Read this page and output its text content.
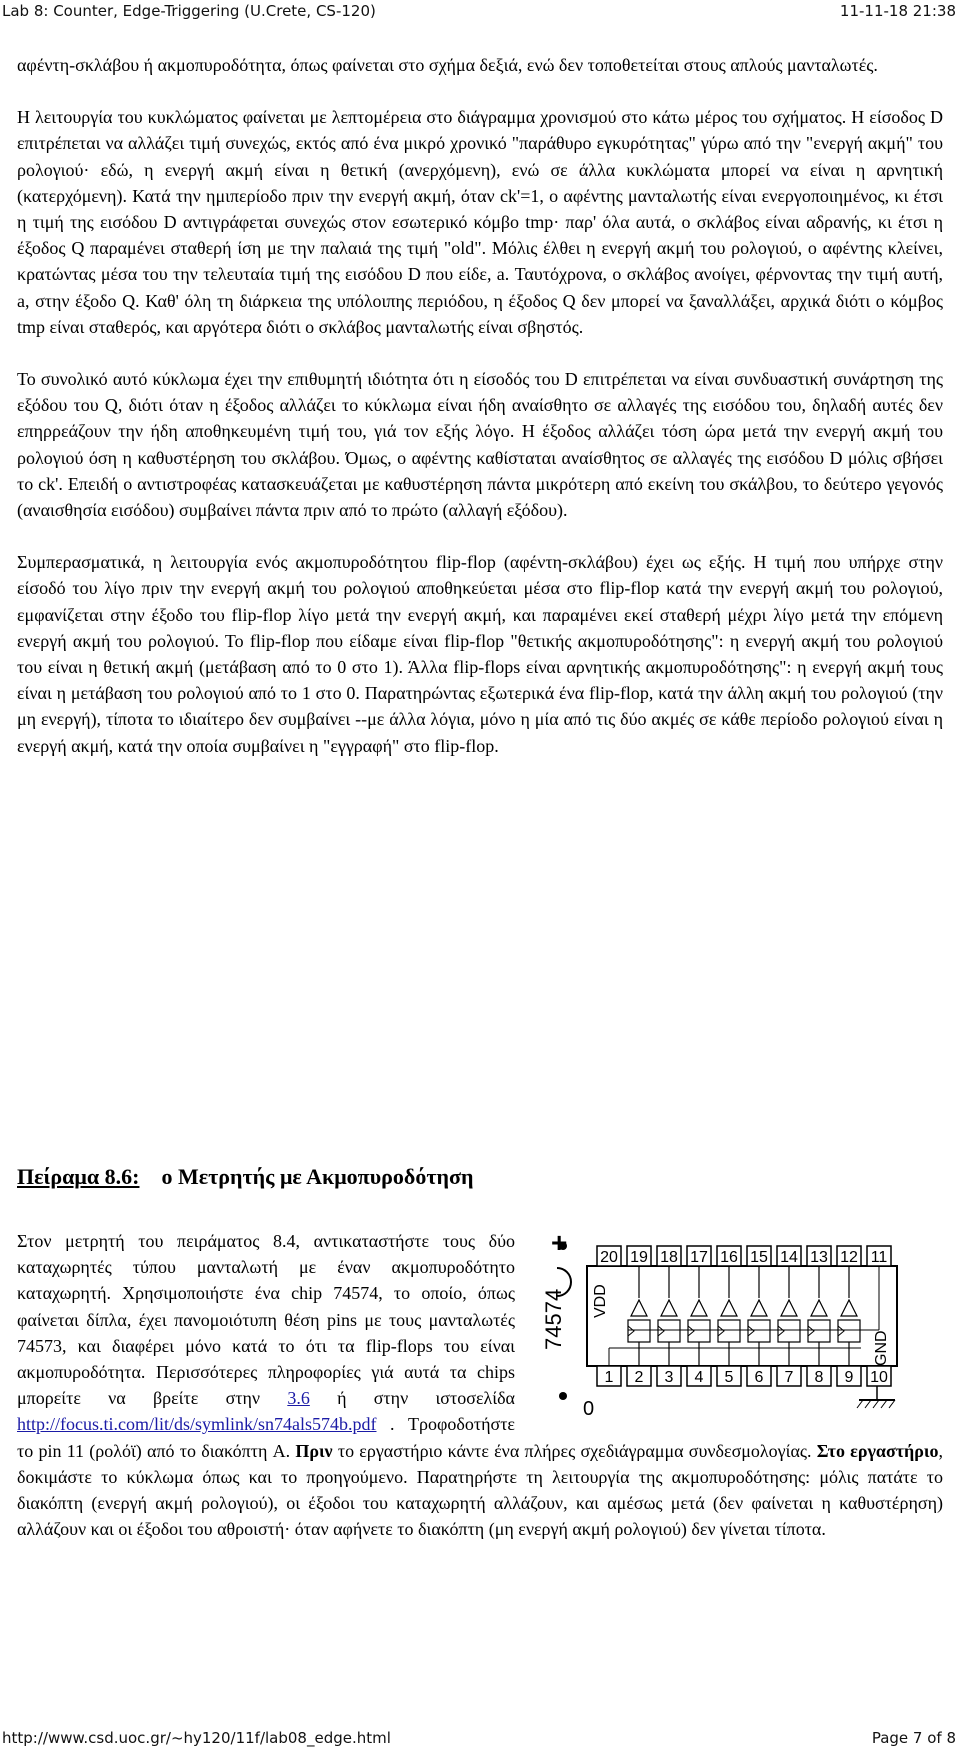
Lab 8: Counter, Edge-Triggering (U.Crete, CS-120)	11-11-18 21:38

αφέντη-σκλάβου ή ακμοπυροδότητα, όπως φαίνεται στο σχήμα δεξιά, ενώ δεν τοποθετείται στους απλούς μανταλωτές.

Η λειτουργία του κυκλώματος φαίνεται με λεπτομέρεια στο διάγραμμα χρονισμού στο κάτω μέρος του σχήματος. Η είσοδος D επιτρέπεται να αλλάζει τιμή συνεχώς, εκτός από ένα μικρό χρονικό "παράθυρο εγκυρότητας" γύρω από την "ενεργή ακμή" του ρολογιού· εδώ, η ενεργή ακμή είναι η θετική (ανερχόμενη), ενώ σε άλλα κυκλώματα μπορεί να είναι η αρνητική (κατερχόμενη). Κατά την ημιπερίοδο πριν την ενεργή ακμή, όταν ck'=1, ο αφέντης μανταλωτής είναι ενεργοποιημένος, κι έτσι η τιμή της εισόδου D αντιγράφεται συνεχώς στον εσωτερικό κόμβο tmp· παρ' όλα αυτά, ο σκλάβος είναι αδρανής, κι έτσι η έξοδος Q παραμένει σταθερή ίση με την παλαιά της τιμή "old". Μόλις έλθει η ενεργή ακμή του ρολογιού, ο αφέντης κλείνει, κρατώντας μέσα του την τελευταία τιμή της εισόδου D που είδε, a. Ταυτόχρονα, ο σκλάβος ανοίγει, φέρνοντας την τιμή αυτή, a, στην έξοδο Q. Καθ' όλη τη διάρκεια της υπόλοιπης περιόδου, η έξοδος Q δεν μπορεί να ξαναλλάξει, αρχικά διότι ο κόμβος tmp είναι σταθερός, και αργότερα διότι ο σκλάβος μανταλωτής είναι σβηστός.

Το συνολικό αυτό κύκλωμα έχει την επιθυμητή ιδιότητα ότι η είσοδός του D επιτρέπεται να είναι συνδυαστική συνάρτηση της εξόδου του Q, διότι όταν η έξοδος αλλάζει το κύκλωμα είναι ήδη αναίσθητο σε αλλαγές της εισόδου του, δηλαδή αυτές δεν επηρρεάζουν την ήδη αποθηκευμένη τιμή του, γιά τον εξής λόγο. Η έξοδος αλλάζει τόση ώρα μετά την ενεργή ακμή του ρολογιού όση η καθυστέρηση του σκλάβου. Όμως, ο αφέντης καθίσταται αναίσθητος σε αλλαγές της εισόδου D μόλις σβήσει το ck'. Επειδή ο αντιστροφέας κατασκευάζεται με καθυστέρηση πάντα μικρότερη από εκείνη του σκάλβου, το δεύτερο γεγονός (αναισθησία εισόδου) συμβαίνει πάντα πριν από το πρώτο (αλλαγή εξόδου).

Συμπερασματικά, η λειτουργία ενός ακμοπυροδότητου flip-flop (αφέντη-σκλάβου) έχει ως εξής. Η τιμή που υπήρχε στην είσοδό του λίγο πριν την ενεργή ακμή του ρολογιού αποθηκεύεται μέσα στο flip-flop κατά την ενεργή ακμή του ρολογιού, εμφανίζεται στην έξοδο του flip-flop λίγο μετά την ενεργή ακμή, και παραμένει εκεί σταθερή μέχρι λίγο μετά την επόμενη ενεργή ακμή του ρολογιού. Το flip-flop που είδαμε είναι flip-flop "θετικής ακμοπυροδότησης": η ενεργή ακμή του ρολογιού του είναι η θετική ακμή (μετάβαση από το 0 στο 1). Άλλα flip-flops είναι αρνητικής ακμοπυροδότησης": η ενεργή ακμή τους είναι η μετάβαση του ρολογιού από το 1 στο 0. Παρατηρώντας εξωτερικά ένα flip-flop, κατά την άλλη ακμή του ρολογιού (την μη ενεργή), τίποτα το ιδιαίτερο δεν συμβαίνει --με άλλα λόγια, μόνο η μία από τις δύο ακμές σε κάθε περίοδο ρολογιού είναι η ενεργή ακμή, κατά την οποία συμβαίνει η "εγγραφή" στο flip-flop.

Πείραμα 8.6: ο Μετρητής με Ακμοπυροδότηση
+
74574 VDD
GND
0
20 19 18 17 16 15 14 13 12 11
1 2 3 4 5 6 7 8 9 10
Στον μετρητή του πειράματος 8.4, αντικαταστήστε τους δύο καταχωρητές τύπου μανταλωτή με έναν ακμοπυροδότητο καταχωρητή. Χρησιμοποιήστε ένα chip 74574, το οποίο, όπως φαίνεται δίπλα, έχει πανομοιότυπη θέση pins με τους μανταλωτές 74573, και διαφέρει μόνο κατά το ότι τα flip-flops του είναι ακμοπυροδότητα. Περισσότερες πληροφορίες γιά αυτά τα chips μπορείτε να βρείτε στην 3.6 ή στην ιστοσελίδα http://focus.ti.com/lit/ds/symlink/sn74als574b.pdf . Τροφοδοτήστε το pin 11 (ρολόϊ) από το διακόπτη A. Πριν το εργαστήριο κάντε ένα πλήρες σχεδιάγραμμα συνδεσμολογίας. Στο εργαστήριο, δοκιμάστε το κύκλωμα όπως και το προηγούμενο. Παρατηρήστε τη λειτουργία της ακμοπυροδότησης: μόλις πατάτε το διακόπτη (ενεργή ακμή ρολογιού), οι έξοδοι του καταχωρητή αλλάζουν, και αμέσως μετά (δεν φαίνεται η καθυστέρηση) αλλάζουν και οι έξοδοι του αθροιστή· όταν αφήνετε το διακόπτη (μη ενεργή ακμή ρολογιού) δεν γίνεται τίποτα.
http://www.csd.uoc.gr/~hy120/11f/lab08_edge.html	Page 7 of 8
